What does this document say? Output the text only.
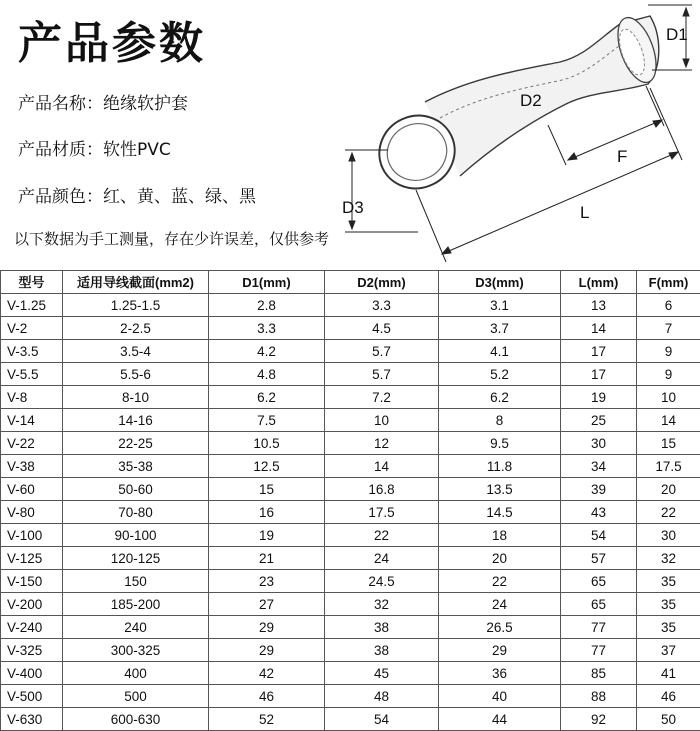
产品参数
产品名称：绝缘软护套
产品材质：软性PVC
产品颜色：红、黄、蓝、绿、黑
以下数据为手工测量，存在少许误差，仅供参考
D1
D2
D3
F
L
型号	适用导线截面(mm2)	D1(mm)	D2(mm)	D3(mm)	L(mm)	F(mm)
V-1.25	1.25-1.5	2.8	3.3	3.1	13	6
V-2	2-2.5	3.3	4.5	3.7	14	7
V-3.5	3.5-4	4.2	5.7	4.1	17	9
V-5.5	5.5-6	4.8	5.7	5.2	17	9
V-8	8-10	6.2	7.2	6.2	19	10
V-14	14-16	7.5	10	8	25	14
V-22	22-25	10.5	12	9.5	30	15
V-38	35-38	12.5	14	11.8	34	17.5
V-60	50-60	15	16.8	13.5	39	20
V-80	70-80	16	17.5	14.5	43	22
V-100	90-100	19	22	18	54	30
V-125	120-125	21	24	20	57	32
V-150	150	23	24.5	22	65	35
V-200	185-200	27	32	24	65	35
V-240	240	29	38	26.5	77	35
V-325	300-325	29	38	29	77	37
V-400	400	42	45	36	85	41
V-500	500	46	48	40	88	46
V-630	600-630	52	54	44	92	50
